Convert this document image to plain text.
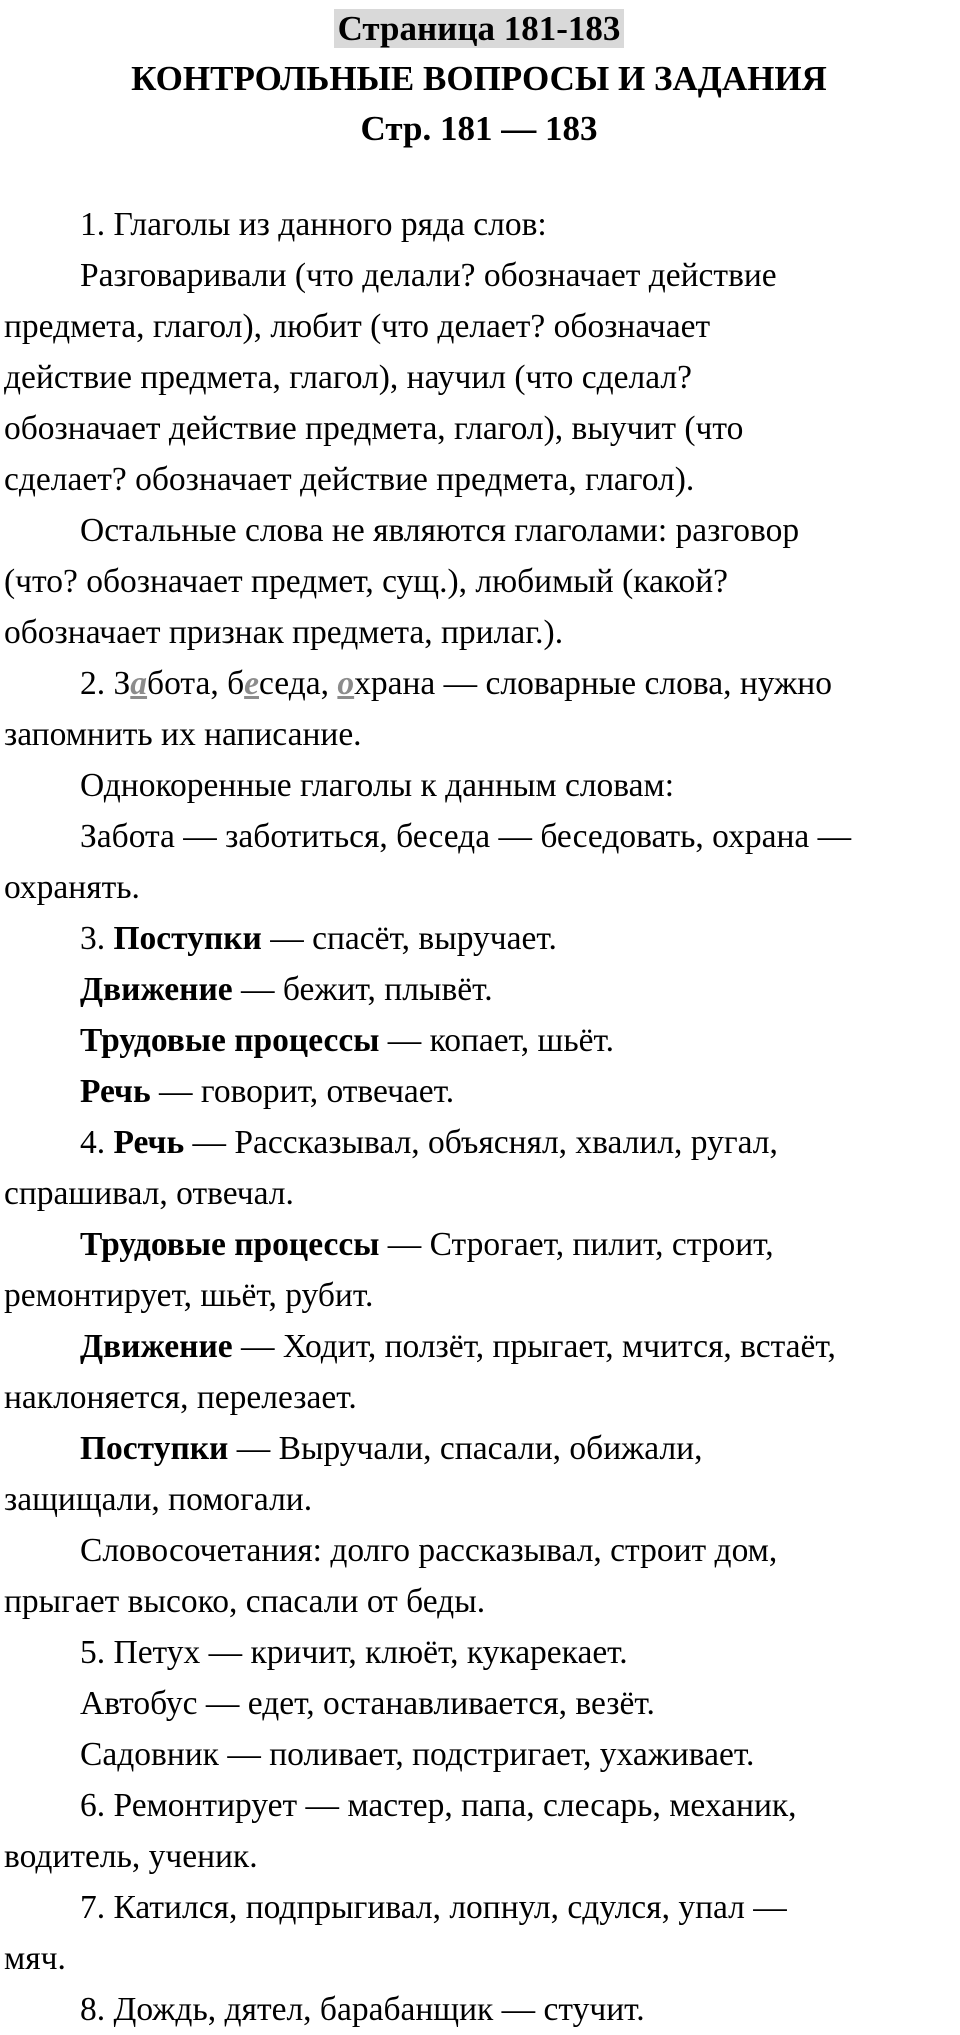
Страница 181-183
КОНТРОЛЬНЫЕ ВОПРОСЫ И ЗАДАНИЯ
Стр. 181 — 183

1. Глаголы из данного ряда слов:

Разговаривали (что делали? обозначает действие
предмета, глагол), любит (что делает? обозначает
действие предмета, глагол), научил (что сделал?
обозначает действие предмета, глагол), выучит (что
сделает? обозначает действие предмета, глагол).

Остальные слова не являются глаголами: разговор
(что? обозначает предмет, сущ.), любимый (какой?
обозначает признак предмета, прилаг.).

2. Забота, беседа, охрана — словарные слова, нужно
запомнить их написание.

Однокоренные глаголы к данным словам:

Забота — заботиться, беседа — беседовать, охрана —
охранять.

3. Поступки — спасёт, выручает.

Движение — бежит, плывёт.

Трудовые процессы — копает, шьёт.

Речь — говорит, отвечает.

4. Речь — Рассказывал, объяснял, хвалил, ругал,
спрашивал, отвечал.

Трудовые процессы — Строгает, пилит, строит,
ремонтирует, шьёт, рубит.

Движение — Ходит, ползёт, прыгает, мчится, встаёт,
наклоняется, перелезает.

Поступки — Выручали, спасали, обижали,
защищали, помогали.

Словосочетания: долго рассказывал, строит дом,
прыгает высоко, спасали от беды.

5. Петух — кричит, клюёт, кукарекает.

Автобус — едет, останавливается, везёт.

Садовник — поливает, подстригает, ухаживает.

6. Ремонтирует — мастер, папа, слесарь, механик,
водитель, ученик.

7. Катился, подпрыгивал, лопнул, сдулся, упал —
мяч.

8. Дождь, дятел, барабанщик — стучит.
